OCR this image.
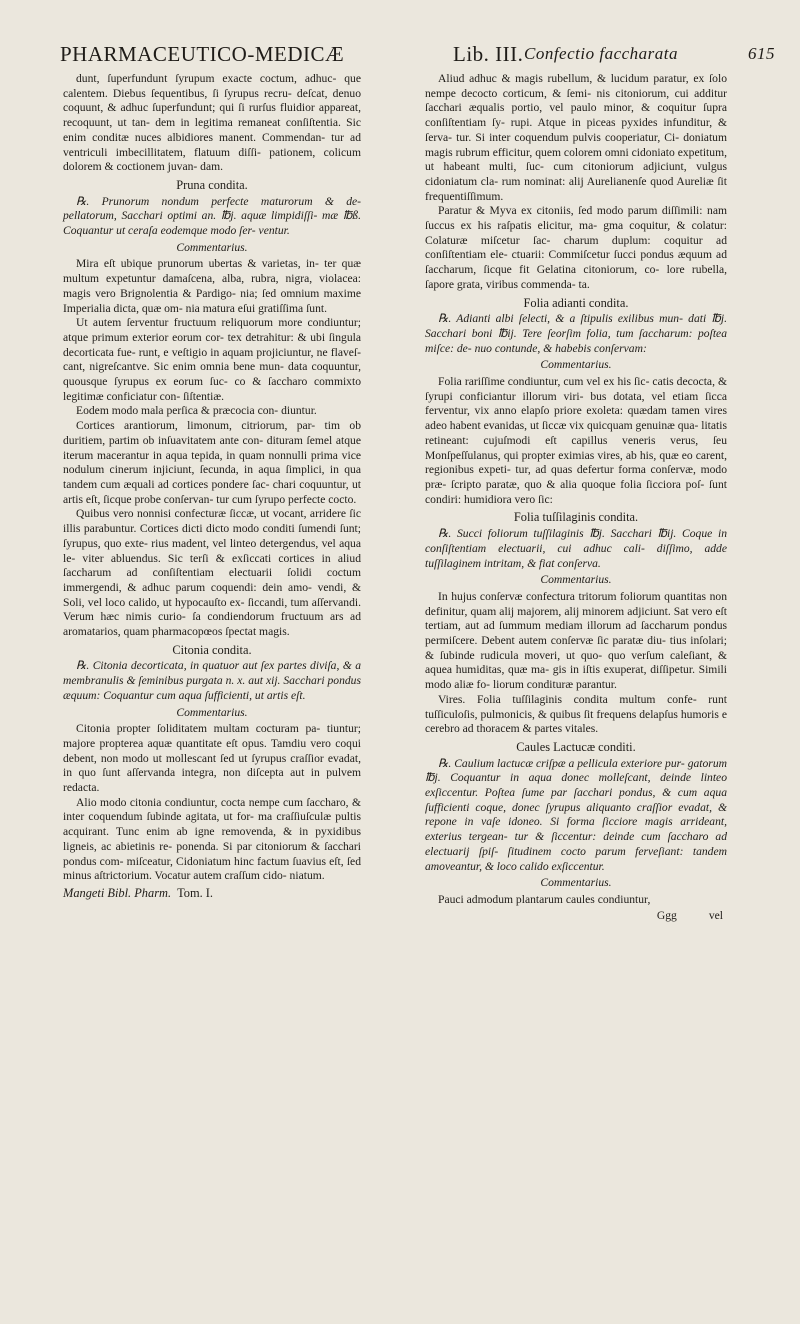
PHARMACEUTICO-MEDICÆ	Lib. III. Confectio faccharata	615

dunt, ſuperfundunt ſyrupum exacte coctum, adhuc- que calentem. Diebus ſequentibus, ſi ſyrupus recru- deſcat, denuo coquunt, & adhuc ſuperfundunt; qui ſi rurſus fluidior appareat, recoquunt, ut tan- dem in legitima remaneat conſiſtentia. Sic enim conditæ nuces albidiores manent. Commendan- tur ad ventriculi imbecillitatem, flatuum diſſi- pationem, colicum dolorem & coctionem juvan- dam.

Pruna condita.

℞. Prunorum nondum perfecte maturorum & de- pellatorum, Sacchari optimi an. ℔j. aquæ limpidiſſi- mæ ℔ß. Coquantur ut ceraſa eodemque modo ſer- ventur.

Commentarius.

Mira eſt ubique prunorum ubertas & varietas, in- ter quæ multum expetuntur damaſcena, alba, rubra, nigra, violacea: magis vero Brignolentia & Pardigo- nia; ſed omnium maxime Imperialia dicta, quæ om- nia matura eſui gratiſſima ſunt.

Ut autem ſerventur fructuum reliquorum more condiuntur; atque primum exterior eorum cor- tex detrahitur: & ubi ſingula decorticata fue- runt, e veſtigio in aquam projiciuntur, ne flaveſ- cant, nigreſcantve. Sic enim omnia bene mun- data coquuntur, quousque ſyrupus ex eorum ſuc- co & ſaccharo commixto legitimæ conficiatur con- ſiſtentiæ.

Eodem modo mala perſica & præcocia con- diuntur.

Cortices arantiorum, limonum, citriorum, par- tim ob duritiem, partim ob inſuavitatem ante con- dituram ſemel atque iterum macerantur in aqua tepida, in quam nonnulli prima vice nodulum cinerum injiciunt, ſecunda, in aqua ſimplici, in qua tandem cum æquali ad cortices pondere ſac- chari coquuntur, ut artis eſt, ſicque probe conſervan- tur cum ſyrupo perfecte cocto.

Quibus vero nonnisi confecturæ ſiccæ, ut vocant, arridere ſic illis parabuntur. Cortices dicti dicto modo conditi ſumendi ſunt; ſyrupus, quo exte- rius madent, vel linteo detergendus, vel aqua le- viter abluendus. Sic terſi & exſiccati cortices in aliud ſaccharum ad conſiſtentiam electuarii ſolidi coctum immergendi, & adhuc parum coquendi: dein amo- vendi, & Soli, vel loco calido, ut hypocauſto ex- ſiccandi, tum aſſervandi. Verum hæc nimis curio- ſa condiendorum fructuum ars ad aromatarios, quam pharmacopœos ſpectat magis.

Citonia condita.

℞. Citonia decorticata, in quatuor aut ſex partes diviſa, & a membranulis & ſeminibus purgata n. x. aut xij. Sacchari pondus æquum: Coquantur cum aqua ſufficienti, ut artis eſt.

Commentarius.

Citonia propter ſoliditatem multam cocturam pa- tiuntur; majore propterea aquæ quantitate eſt opus. Tamdiu vero coqui debent, non modo ut mollescant ſed ut ſyrupus craſſior evadat, in quo ſunt aſſervanda integra, non diſcepta aut in pulvem redacta.

Alio modo citonia condiuntur, cocta nempe cum ſaccharo, & inter coquendum ſubinde agitata, ut for- ma craſſiuſculæ pultis acquirant. Tunc enim ab igne removenda, & in pyxidibus ligneis, ac abietinis re- ponenda. Si par citoniorum & ſacchari pondus com- miſceatur, Cidoniatum hinc factum ſuavius eſt, ſed minus aſtrictorium. Vocatur autem craſſum cido- niatum.

Mangeti Bibl. Pharm. Tom. I.

Aliud adhuc & magis rubellum, & lucidum paratur, ex ſolo nempe decocto corticum, & ſemi- nis citoniorum, cui additur ſacchari æqualis portio, vel paulo minor, & coquitur ſupra conſiſtentiam ſy- rupi. Atque in piceas pyxides infunditur, & ſerva- tur. Si inter coquendum pulvis cooperiatur, Ci- doniatum magis rubrum efficitur, quem colorem omni cidoniato expetitum, ut habeant multi, ſuc- cum citoniorum adjiciunt, vulgus cidoniatum cla- rum nominat: alij Aurelianenſe quod Aureliæ ſit frequentiſſimum.

Paratur & Myva ex citoniis, ſed modo parum diſſimili: nam ſuccus ex his raſpatis elicitur, ma- gma coquitur, & colatur: Colaturæ miſcetur ſac- charum duplum: coquitur ad conſiſtentiam ele- ctuarii: Commiſcetur ſucci pondus æquum ad ſaccharum, ſicque fit Gelatina citoniorum, co- lore rubella, ſapore grata, viribus commenda- ta.

Folia adianti condita.

℞. Adianti albi ſelecti, & a ſtipulis exilibus mun- dati ℔j. Sacchari boni ℔ij. Tere ſeorſim folia, tum ſaccharum: poſtea miſce: de- nuo contunde, & habebis conſervam:

Commentarius.

Folia rariſſime condiuntur, cum vel ex his ſic- catis decocta, & ſyrupi conficiantur illorum viri- bus dotata, vel etiam ſicca ferventur, vix anno elapſo priore exoleta: quædam tamen vires adeo habent evanidas, ut ſiccæ vix quicquam genuinæ qua- litatis retineant: cujuſmodi eſt capillus veneris verus, ſeu Monſpeſſulanus, qui propter eximias vires, ab his, quæ eo carent, regionibus expeti- tur, ad quas defertur forma conſervæ, modo præ- ſcripto paratæ, quo & alia quoque folia ſicciora poſ- ſunt condiri: humidiora vero ſic:

Folia tuſſilaginis condita.

℞. Succi foliorum tuſſilaginis ℔j. Sacchari ℔ij. Coque in conſiſtentiam electuarii, cui adhuc cali- diſſimo, adde tuſſilaginem intritam, & fiat conſerva.

Commentarius.

In hujus conſervæ confectura tritorum foliorum quantitas non definitur, quam alij majorem, alij minorem adjiciunt. Sat vero eſt tertiam, aut ad ſummum mediam illorum ad ſaccharum pondus permiſcere. Debent autem conſervæ ſic paratæ diu- tius inſolari; & ſubinde rudicula moveri, ut quo- quo verſum caleſiant, & aquea humiditas, quæ ma- gis in iſtis exuperat, diſſipetur. Simili modo aliæ fo- liorum condituræ parantur.

Vires. Folia tuſſilaginis condita multum confe- runt tuſſiculoſis, pulmonicis, & quibus ſit frequens delapſus humoris e cerebro ad thoracem & partes vitales.

Caules Lactucæ conditi.

℞. Caulium lactucæ criſpæ a pellicula exteriore pur- gatorum ℔j. Coquantur in aqua donec molleſcant, deinde linteo exſiccentur. Poſtea ſume par ſacchari pondus, & cum aqua ſufficienti coque, donec ſyrupus aliquanto craſſior evadat, & repone in vaſe idoneo. Si forma ſicciore magis arrideant, exterius tergean- tur & ſiccentur: deinde cum ſaccharo ad electuarij ſpiſ- ſitudinem cocto parum ferveſiant: tandem amoveantur, & loco calido exſiccentur.

Commentarius.

Pauci admodum plantarum caules condiuntur,

Ggg	vel
